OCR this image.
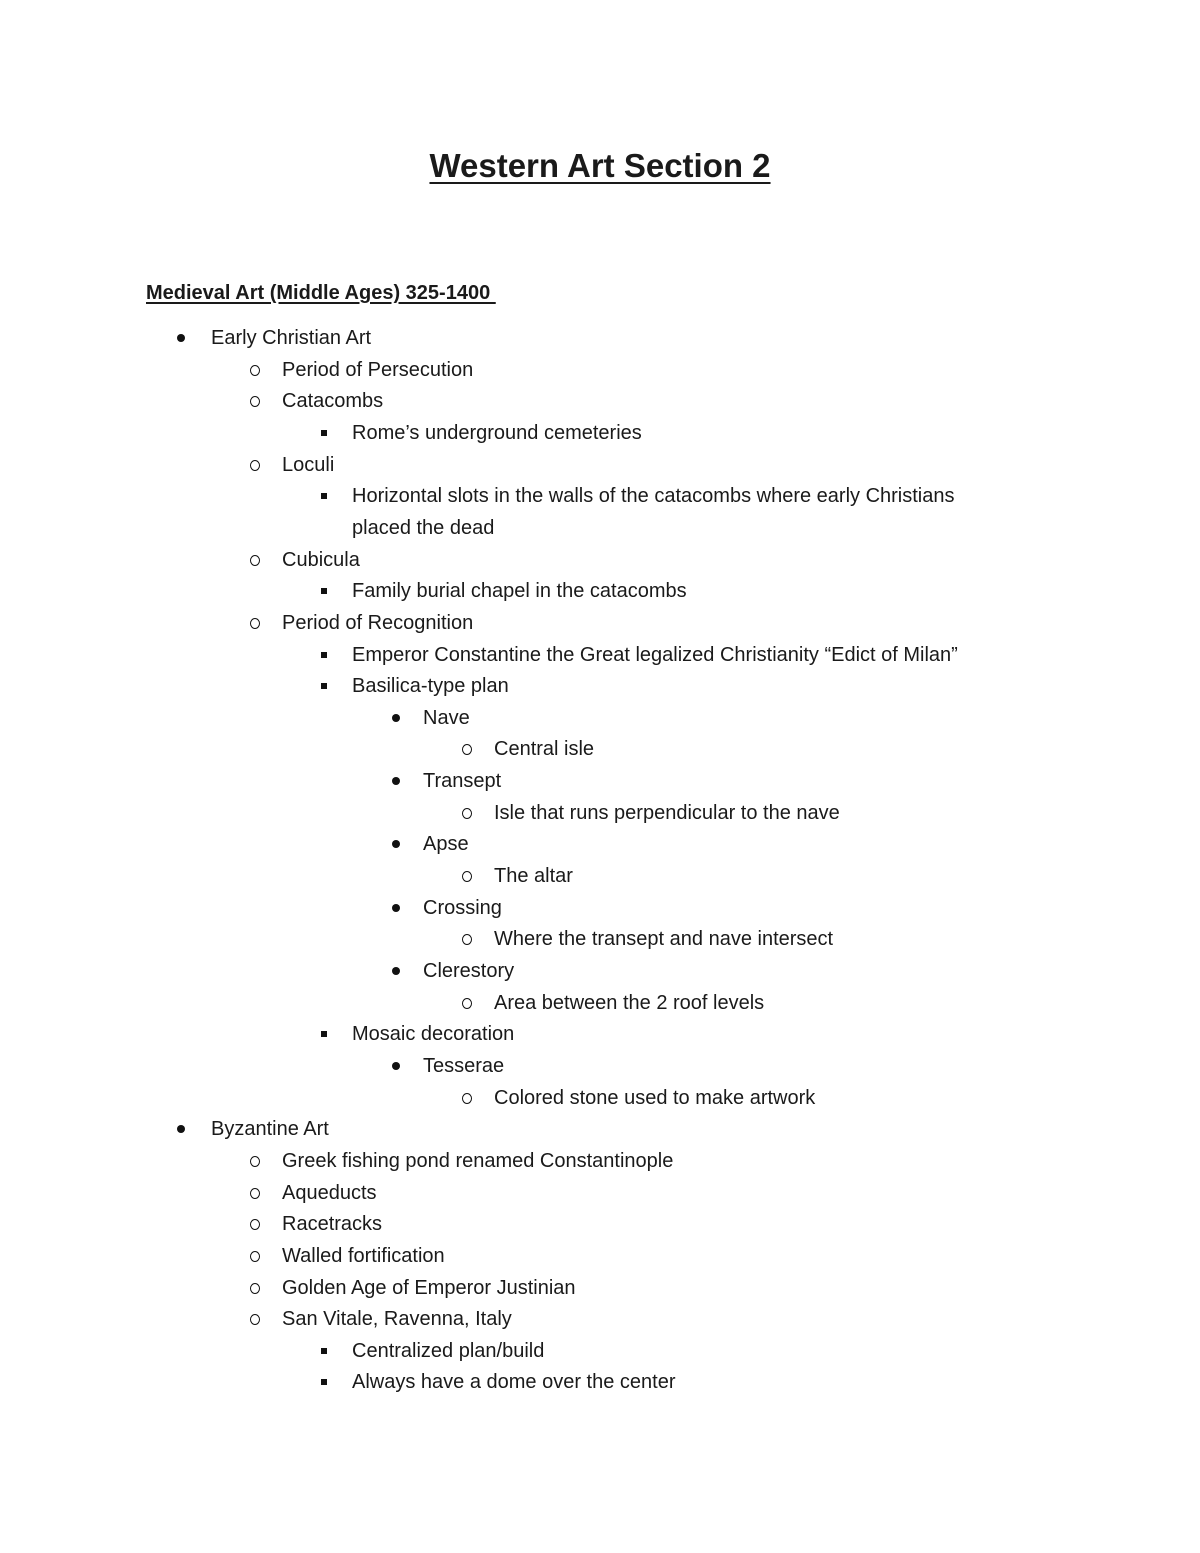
Western Art Section 2
Medieval Art (Middle Ages) 325-1400
Early Christian Art
Period of Persecution
Catacombs
Rome’s underground cemeteries
Loculi
Horizontal slots in the walls of the catacombs where early Christians
placed the dead
Cubicula
Family burial chapel in the catacombs
Period of Recognition
Emperor Constantine the Great legalized Christianity “Edict of Milan”
Basilica-type plan
Nave
Central isle
Transept
Isle that runs perpendicular to the nave
Apse
The altar
Crossing
Where the transept and nave intersect
Clerestory
Area between the 2 roof levels
Mosaic decoration
Tesserae
Colored stone used to make artwork
Byzantine Art
Greek fishing pond renamed Constantinople
Aqueducts
Racetracks
Walled fortification
Golden Age of Emperor Justinian
San Vitale, Ravenna, Italy
Centralized plan/build
Always have a dome over the center
